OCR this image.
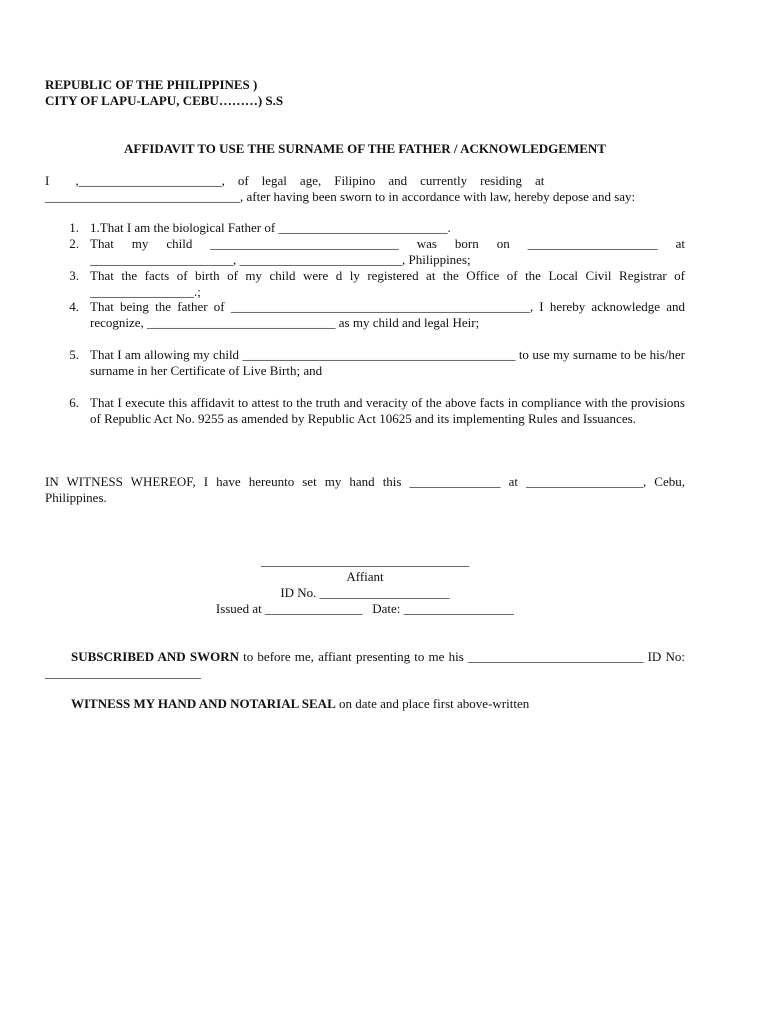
REPUBLIC OF THE PHILIPPINES )
CITY OF LAPU-LAPU, CEBU………) S.S
AFFIDAVIT TO USE THE SURNAME OF THE FATHER / ACKNOWLEDGEMENT
I  ,______________________, of legal age, Filipino and currently residing at ______________________________, after having been sworn to in accordance with law, hereby depose and say:
1. 1.That I am the biological Father of __________________________.
2. That my child _____________________________ was born on ____________________ at ______________________, _________________________, Philippines;
3. That the facts of birth of my child were d ly registered at the Office of the Local Civil Registrar of ________________.;
4. That being the father of ______________________________________________, I hereby acknowledge and recognize, _____________________________ as my child and legal Heir;
5. That I am allowing my child __________________________________________ to use my surname to be his/her surname in her Certificate of Live Birth; and
6. That I execute this affidavit to attest to the truth and veracity of the above facts in compliance with the provisions of Republic Act No. 9255 as amended by Republic Act 10625 and its implementing Rules and Issuances.
IN WITNESS WHEREOF, I have hereunto set my hand this ______________ at __________________, Cebu, Philippines.
________________________________
Affiant
ID No. ____________________
Issued at _______________   Date: _________________
SUBSCRIBED AND SWORN to before me, affiant presenting to me his ___________________________ ID No: ________________________
WITNESS MY HAND AND NOTARIAL SEAL on date and place first above-written
